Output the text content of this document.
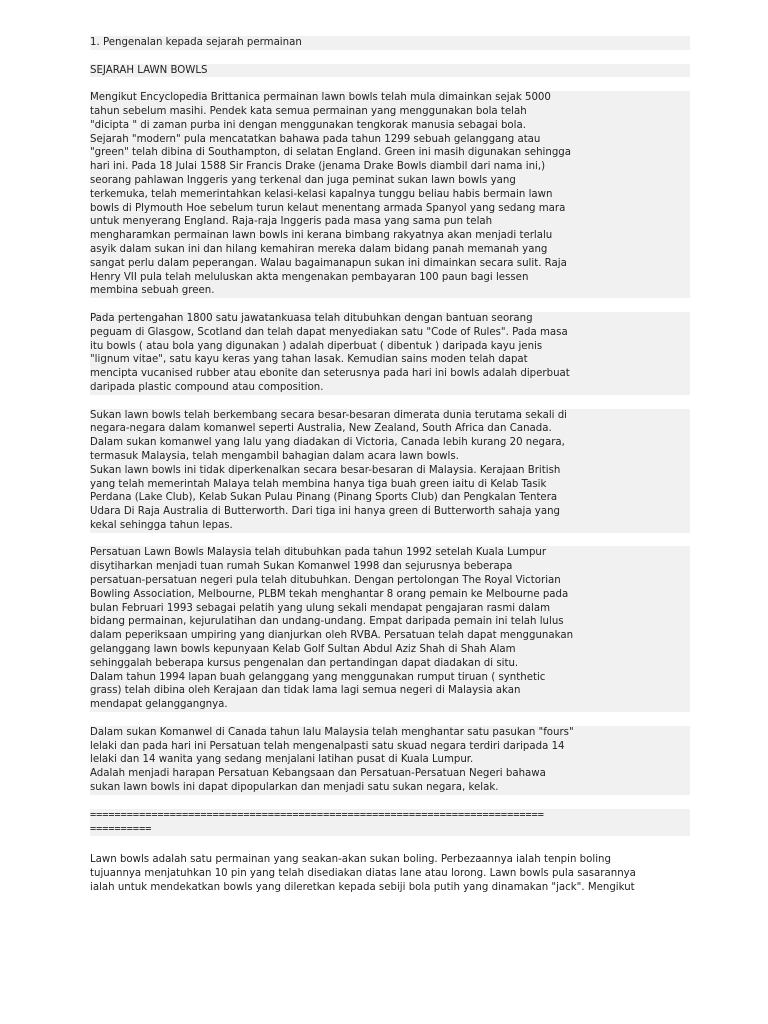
1. Pengenalan kepada sejarah permainan
SEJARAH LAWN BOWLS
Mengikut Encyclopedia Brittanica permainan lawn bowls telah mula dimainkan sejak 5000
tahun sebelum masihi. Pendek kata semua permainan yang menggunakan bola telah
"dicipta " di zaman purba ini dengan menggunakan tengkorak manusia sebagai bola.
Sejarah "modern" pula mencatatkan bahawa pada tahun 1299 sebuah gelanggang atau
"green" telah dibina di Southampton, di selatan England. Green ini masih digunakan sehingga
hari ini. Pada 18 Julai 1588 Sir Francis Drake (jenama Drake Bowls diambil dari nama ini,)
seorang pahlawan Inggeris yang terkenal dan juga peminat sukan lawn bowls yang
terkemuka, telah memerintahkan kelasi-kelasi kapalnya tunggu beliau habis bermain lawn
bowls di Plymouth Hoe sebelum turun kelaut menentang armada Spanyol yang sedang mara
untuk menyerang England. Raja-raja Inggeris pada masa yang sama pun telah
mengharamkan permainan lawn bowls ini kerana bimbang rakyatnya akan menjadi terlalu
asyik dalam sukan ini dan hilang kemahiran mereka dalam bidang panah memanah yang
sangat perlu dalam peperangan. Walau bagaimanapun sukan ini dimainkan secara sulit. Raja
Henry VII pula telah meluluskan akta mengenakan pembayaran 100 paun bagi lessen
membina sebuah green.
Pada pertengahan 1800 satu jawatankuasa telah ditubuhkan dengan bantuan seorang
peguam di Glasgow, Scotland dan telah dapat menyediakan satu "Code of Rules". Pada masa
itu bowls ( atau bola yang digunakan ) adalah diperbuat ( dibentuk ) daripada kayu jenis
"lignum vitae", satu kayu keras yang tahan lasak. Kemudian sains moden telah dapat
mencipta vucanised rubber atau ebonite dan seterusnya pada hari ini bowls adalah diperbuat
daripada plastic compound atau composition.
Sukan lawn bowls telah berkembang secara besar-besaran dimerata dunia terutama sekali di
negara-negara dalam komanwel seperti Australia, New Zealand, South Africa dan Canada.
Dalam sukan komanwel yang lalu yang diadakan di Victoria, Canada lebih kurang 20 negara,
termasuk Malaysia, telah mengambil bahagian dalam acara lawn bowls.
Sukan lawn bowls ini tidak diperkenalkan secara besar-besaran di Malaysia. Kerajaan British
yang telah memerintah Malaya telah membina hanya tiga buah green iaitu di Kelab Tasik
Perdana (Lake Club), Kelab Sukan Pulau Pinang (Pinang Sports Club) dan Pengkalan Tentera
Udara Di Raja Australia di Butterworth. Dari tiga ini hanya green di Butterworth sahaja yang
kekal sehingga tahun lepas.
Persatuan Lawn Bowls Malaysia telah ditubuhkan pada tahun 1992 setelah Kuala Lumpur
disytiharkan menjadi tuan rumah Sukan Komanwel 1998 dan sejurusnya beberapa
persatuan-persatuan negeri pula telah ditubuhkan. Dengan pertolongan The Royal Victorian
Bowling Association, Melbourne, PLBM tekah menghantar 8 orang pemain ke Melbourne pada
bulan Februari 1993 sebagai pelatih yang ulung sekali mendapat pengajaran rasmi dalam
bidang permainan, kejurulatihan dan undang-undang. Empat daripada pemain ini telah lulus
dalam peperiksaan umpiring yang dianjurkan oleh RVBA. Persatuan telah dapat menggunakan
gelanggang lawn bowls kepunyaan Kelab Golf Sultan Abdul Aziz Shah di Shah Alam
sehinggalah beberapa kursus pengenalan dan pertandingan dapat diadakan di situ.
Dalam tahun 1994 lapan buah gelanggang yang menggunakan rumput tiruan ( synthetic
grass) telah dibina oleh Kerajaan dan tidak lama lagi semua negeri di Malaysia akan
mendapat gelanggangnya.
Dalam sukan Komanwel di Canada tahun lalu Malaysia telah menghantar satu pasukan "fours"
lelaki dan pada hari ini Persatuan telah mengenalpasti satu skuad negara terdiri daripada 14
lelaki dan 14 wanita yang sedang menjalani latihan pusat di Kuala Lumpur.
Adalah menjadi harapan Persatuan Kebangsaan dan Persatuan-Persatuan Negeri bahawa
sukan lawn bowls ini dapat dipopularkan dan menjadi satu sukan negara, kelak.
==========================================================================
==========
Lawn bowls adalah satu permainan yang seakan-akan sukan boling. Perbezaannya ialah tenpin boling
tujuannya menjatuhkan 10 pin yang telah disediakan diatas lane atau lorong. Lawn bowls pula sasarannya
ialah untuk mendekatkan bowls yang dileretkan kepada sebiji bola putih yang dinamakan "jack". Mengikut
